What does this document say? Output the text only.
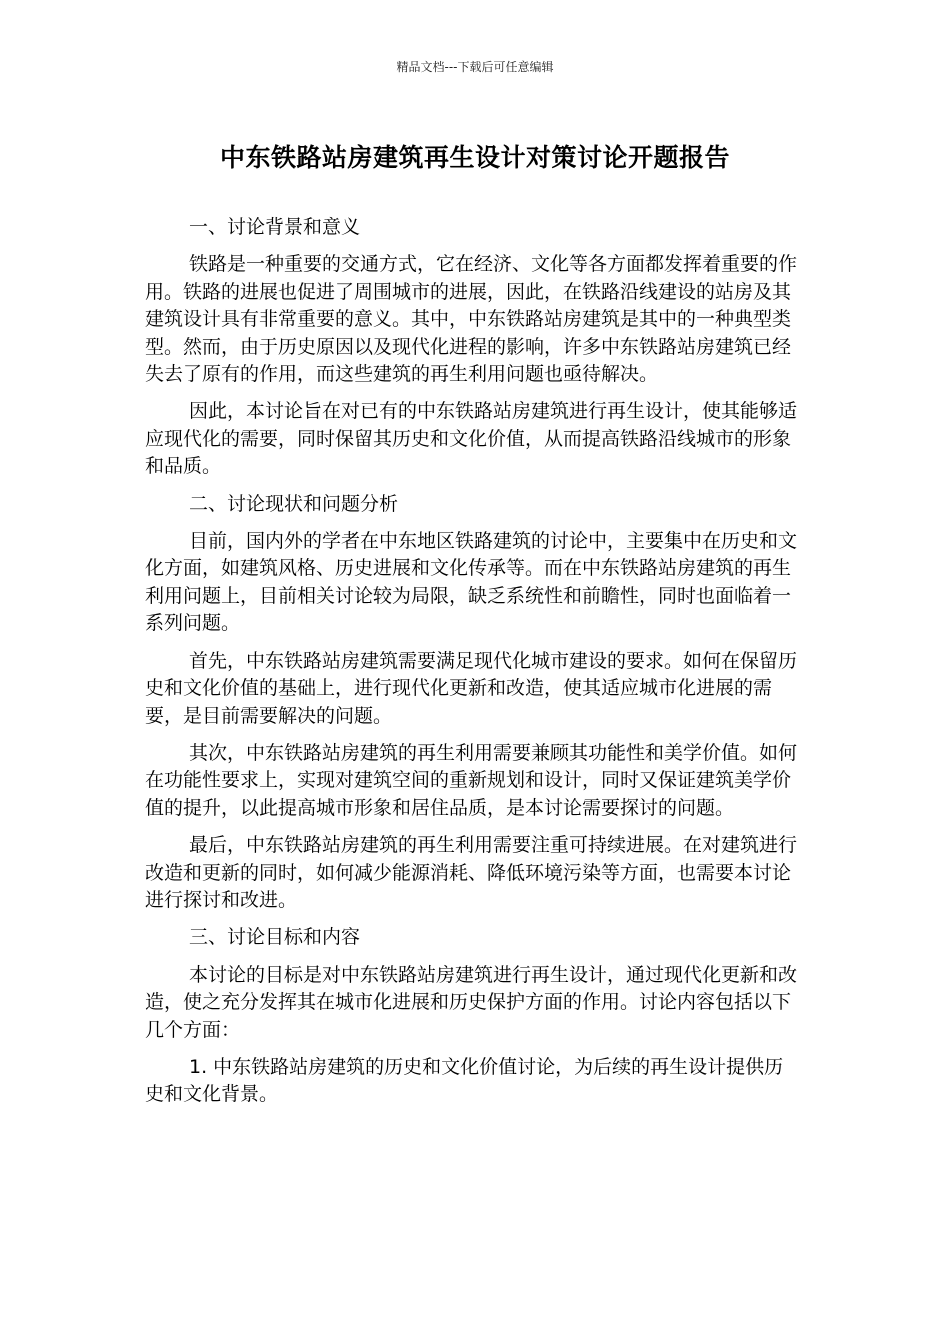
精品文档---下载后可任意编辑
中东铁路站房建筑再生设计对策讨论开题报告

一、讨论背景和意义

铁路是一种重要的交通方式，它在经济、文化等各方面都发挥着重要的作用。铁路的进展也促进了周围城市的进展，因此，在铁路沿线建设的站房及其建筑设计具有非常重要的意义。其中，中东铁路站房建筑是其中的一种典型类型。然而，由于历史原因以及现代化进程的影响，许多中东铁路站房建筑已经失去了原有的作用，而这些建筑的再生利用问题也亟待解决。

因此，本讨论旨在对已有的中东铁路站房建筑进行再生设计，使其能够适应现代化的需要，同时保留其历史和文化价值，从而提高铁路沿线城市的形象和品质。

二、讨论现状和问题分析

目前，国内外的学者在中东地区铁路建筑的讨论中，主要集中在历史和文化方面，如建筑风格、历史进展和文化传承等。而在中东铁路站房建筑的再生利用问题上，目前相关讨论较为局限，缺乏系统性和前瞻性，同时也面临着一系列问题。

首先，中东铁路站房建筑需要满足现代化城市建设的要求。如何在保留历史和文化价值的基础上，进行现代化更新和改造，使其适应城市化进展的需要，是目前需要解决的问题。

其次，中东铁路站房建筑的再生利用需要兼顾其功能性和美学价值。如何在功能性要求上，实现对建筑空间的重新规划和设计，同时又保证建筑美学价值的提升，以此提高城市形象和居住品质，是本讨论需要探讨的问题。

最后，中东铁路站房建筑的再生利用需要注重可持续进展。在对建筑进行改造和更新的同时，如何减少能源消耗、降低环境污染等方面，也需要本讨论进行探讨和改进。

三、讨论目标和内容

本讨论的目标是对中东铁路站房建筑进行再生设计，通过现代化更新和改造，使之充分发挥其在城市化进展和历史保护方面的作用。讨论内容包括以下几个方面：

1. 中东铁路站房建筑的历史和文化价值讨论，为后续的再生设计提供历史和文化背景。
